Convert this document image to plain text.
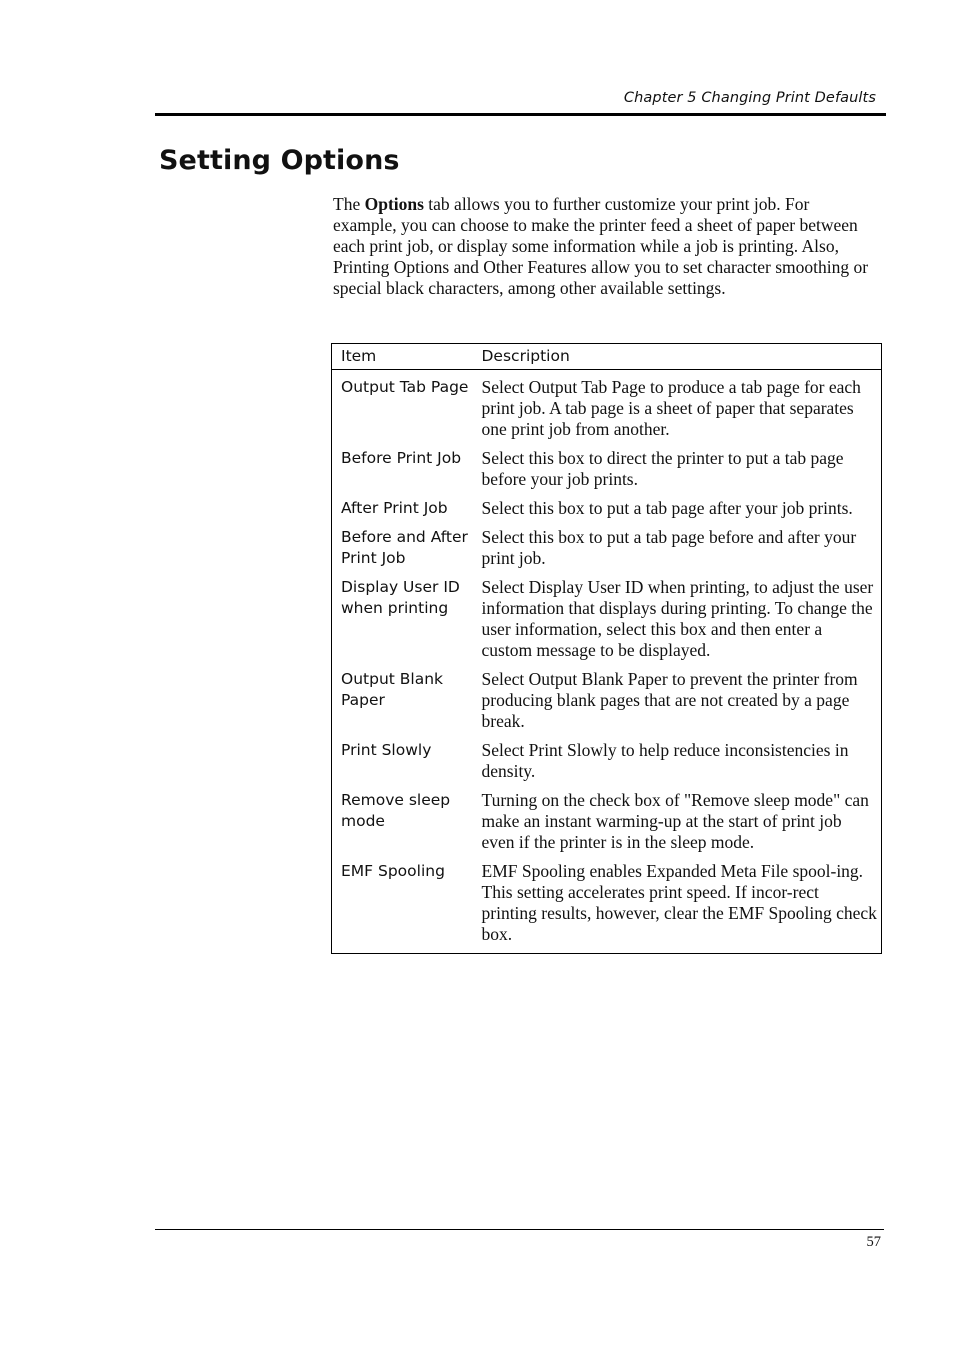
Chapter 5 Changing Print Defaults
Setting Options

The Options tab allows you to further customize your print job. For example, you can choose to make the printer feed a sheet of paper between each print job, or display some information while a job is printing. Also, Printing Options and Other Features allow you to set character smoothing or special black characters, among other available settings.

Item	Description
Output Tab Page	Select Output Tab Page to produce a tab page for each print job. A tab page is a sheet of paper that separates one print job from another.
Before Print Job	Select this box to direct the printer to put a tab page before your job prints.
After Print Job	Select this box to put a tab page after your job prints.
Before and After Print Job	Select this box to put a tab page before and after your print job.
Display User ID when printing	Select Display User ID when printing, to adjust the user information that displays during printing. To change the user information, select this box and then enter a custom message to be displayed.
Output Blank Paper	Select Output Blank Paper to prevent the printer from producing blank pages that are not created by a page break.
Print Slowly	Select Print Slowly to help reduce inconsistencies in density.
Remove sleep mode	Turning on the check box of "Remove sleep mode" can make an instant warming-up at the start of print job even if the printer is in the sleep mode.
EMF Spooling	EMF Spooling enables Expanded Meta File spool-ing. This setting accelerates print speed. If incor-rect printing results, however, clear the EMF Spooling check box.
57
